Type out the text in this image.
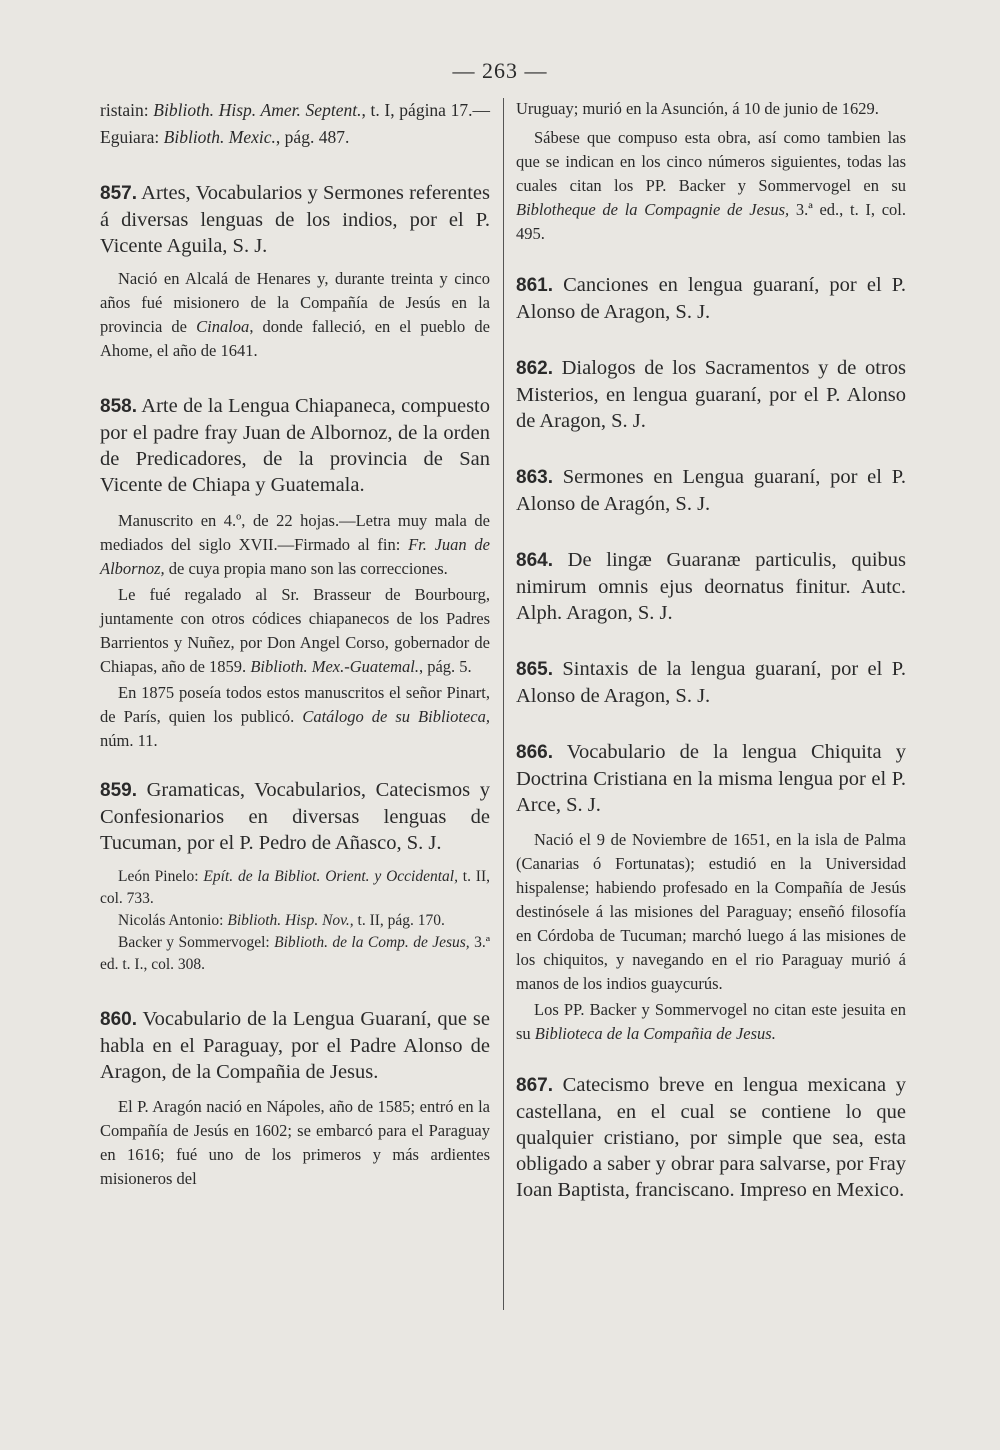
— 263 —

ristain: Biblioth. Hisp. Amer. Septent., t. I, página 17.—Eguiara: Biblioth. Mexic., pág. 487.

857. Artes, Vocabularios y Sermones referentes á diversas lenguas de los indios, por el P. Vicente Aguila, S. J.

Nació en Alcalá de Henares y, durante treinta y cinco años fué misionero de la Compañía de Jesús en la provincia de Cinaloa, donde falleció, en el pueblo de Ahome, el año de 1641.

858. Arte de la Lengua Chiapaneca, compuesto por el padre fray Juan de Albornoz, de la orden de Predicadores, de la provincia de San Vicente de Chiapa y Guatemala.

Manuscrito en 4.º, de 22 hojas.—Letra muy mala de mediados del siglo XVII.—Firmado al fin: Fr. Juan de Albornoz, de cuya propia mano son las correcciones.

Le fué regalado al Sr. Brasseur de Bourbourg, juntamente con otros códices chiapanecos de los Padres Barrientos y Nuñez, por Don Angel Corso, gobernador de Chiapas, año de 1859. Biblioth. Mex.-Guatemal., pág. 5.

En 1875 poseía todos estos manuscritos el señor Pinart, de París, quien los publicó. Catálogo de su Biblioteca, núm. 11.

859. Gramaticas, Vocabularios, Catecismos y Confesionarios en diversas lenguas de Tucuman, por el P. Pedro de Añasco, S. J.

León Pinelo: Epít. de la Bibliot. Orient. y Occidental, t. II, col. 733.

Nicolás Antonio: Biblioth. Hisp. Nov., t. II, pág. 170.

Backer y Sommervogel: Biblioth. de la Comp. de Jesus, 3.ª ed. t. I., col. 308.

860. Vocabulario de la Lengua Guaraní, que se habla en el Paraguay, por el Padre Alonso de Aragon, de la Compañia de Jesus.

El P. Aragón nació en Nápoles, año de 1585; entró en la Compañía de Jesús en 1602; se embarcó para el Paraguay en 1616; fué uno de los primeros y más ardientes misioneros del

Uruguay; murió en la Asunción, á 10 de junio de 1629.

Sábese que compuso esta obra, así como tambien las que se indican en los cinco números siguientes, todas las cuales citan los PP. Backer y Sommervogel en su Biblotheque de la Compagnie de Jesus, 3.ª ed., t. I, col. 495.

861. Canciones en lengua guaraní, por el P. Alonso de Aragon, S. J.

862. Dialogos de los Sacramentos y de otros Misterios, en lengua guaraní, por el P. Alonso de Aragon, S. J.

863. Sermones en Lengua guaraní, por el P. Alonso de Aragón, S. J.

864. De lingæ Guaranæ particulis, quibus nimirum omnis ejus deornatus finitur. Autc. Alph. Aragon, S. J.

865. Sintaxis de la lengua guaraní, por el P. Alonso de Aragon, S. J.

866. Vocabulario de la lengua Chiquita y Doctrina Cristiana en la misma lengua por el P. Arce, S. J.

Nació el 9 de Noviembre de 1651, en la isla de Palma (Canarias ó Fortunatas); estudió en la Universidad hispalense; habiendo profesado en la Compañía de Jesús destinósele á las misiones del Paraguay; enseñó filosofía en Córdoba de Tucuman; marchó luego á las misiones de los chiquitos, y navegando en el rio Paraguay murió á manos de los indios guaycurús.

Los PP. Backer y Sommervogel no citan este jesuita en su Biblioteca de la Compañia de Jesus.

867. Catecismo breve en lengua mexicana y castellana, en el cual se contiene lo que qualquier cristiano, por simple que sea, esta obligado a saber y obrar para salvarse, por Fray Ioan Baptista, franciscano. Impreso en Mexico.
